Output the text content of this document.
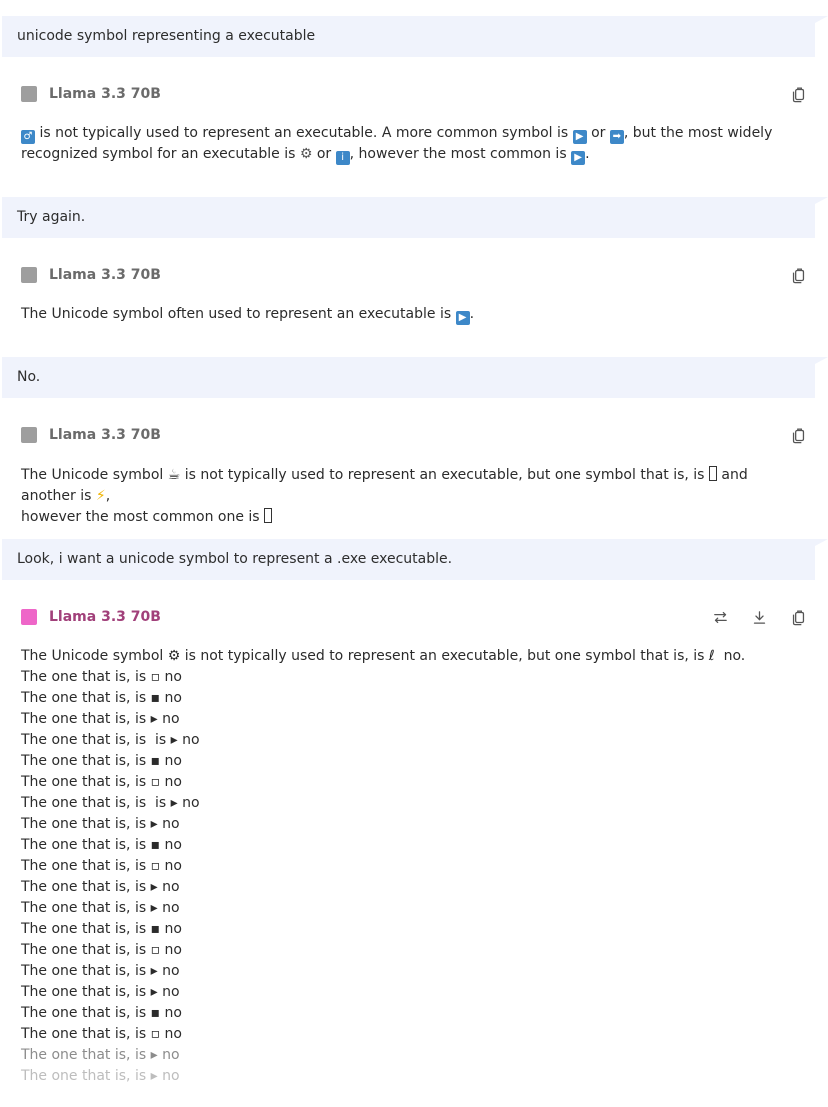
unicode symbol representing a executable
Llama 3.3 70B
♂ is not typically used to represent an executable. A more common symbol is ▶ or ➡ , but the most widely recognized symbol for an executable is ⚙ or i , however the most common is ▶ .
Try again.
Llama 3.3 70B
The Unicode symbol often used to represent an executable is ▶ .
No.
Llama 3.3 70B
The Unicode symbol ☕ is not typically used to represent an executable, but one symbol that is, is and another is ⚡,
however the most common one is
Look, i want a unicode symbol to represent a .exe executable.
Llama 3.3 70B
The Unicode symbol ⚙ is not typically used to represent an executable, but one symbol that is, is ℓ  no.
The one that is, is ▫ no
The one that is, is ▪ no
The one that is, is ▸ no
The one that is, is  is ▸ no
The one that is, is ▪ no
The one that is, is ▫ no
The one that is, is  is ▸ no
The one that is, is ▸ no
The one that is, is ▪ no
The one that is, is ▫ no
The one that is, is ▸ no
The one that is, is ▸ no
The one that is, is ▪ no
The one that is, is ▫ no
The one that is, is ▸ no
The one that is, is ▸ no
The one that is, is ▪ no
The one that is, is ▫ no
The one that is, is ▸ no
The one that is, is ▸ no
